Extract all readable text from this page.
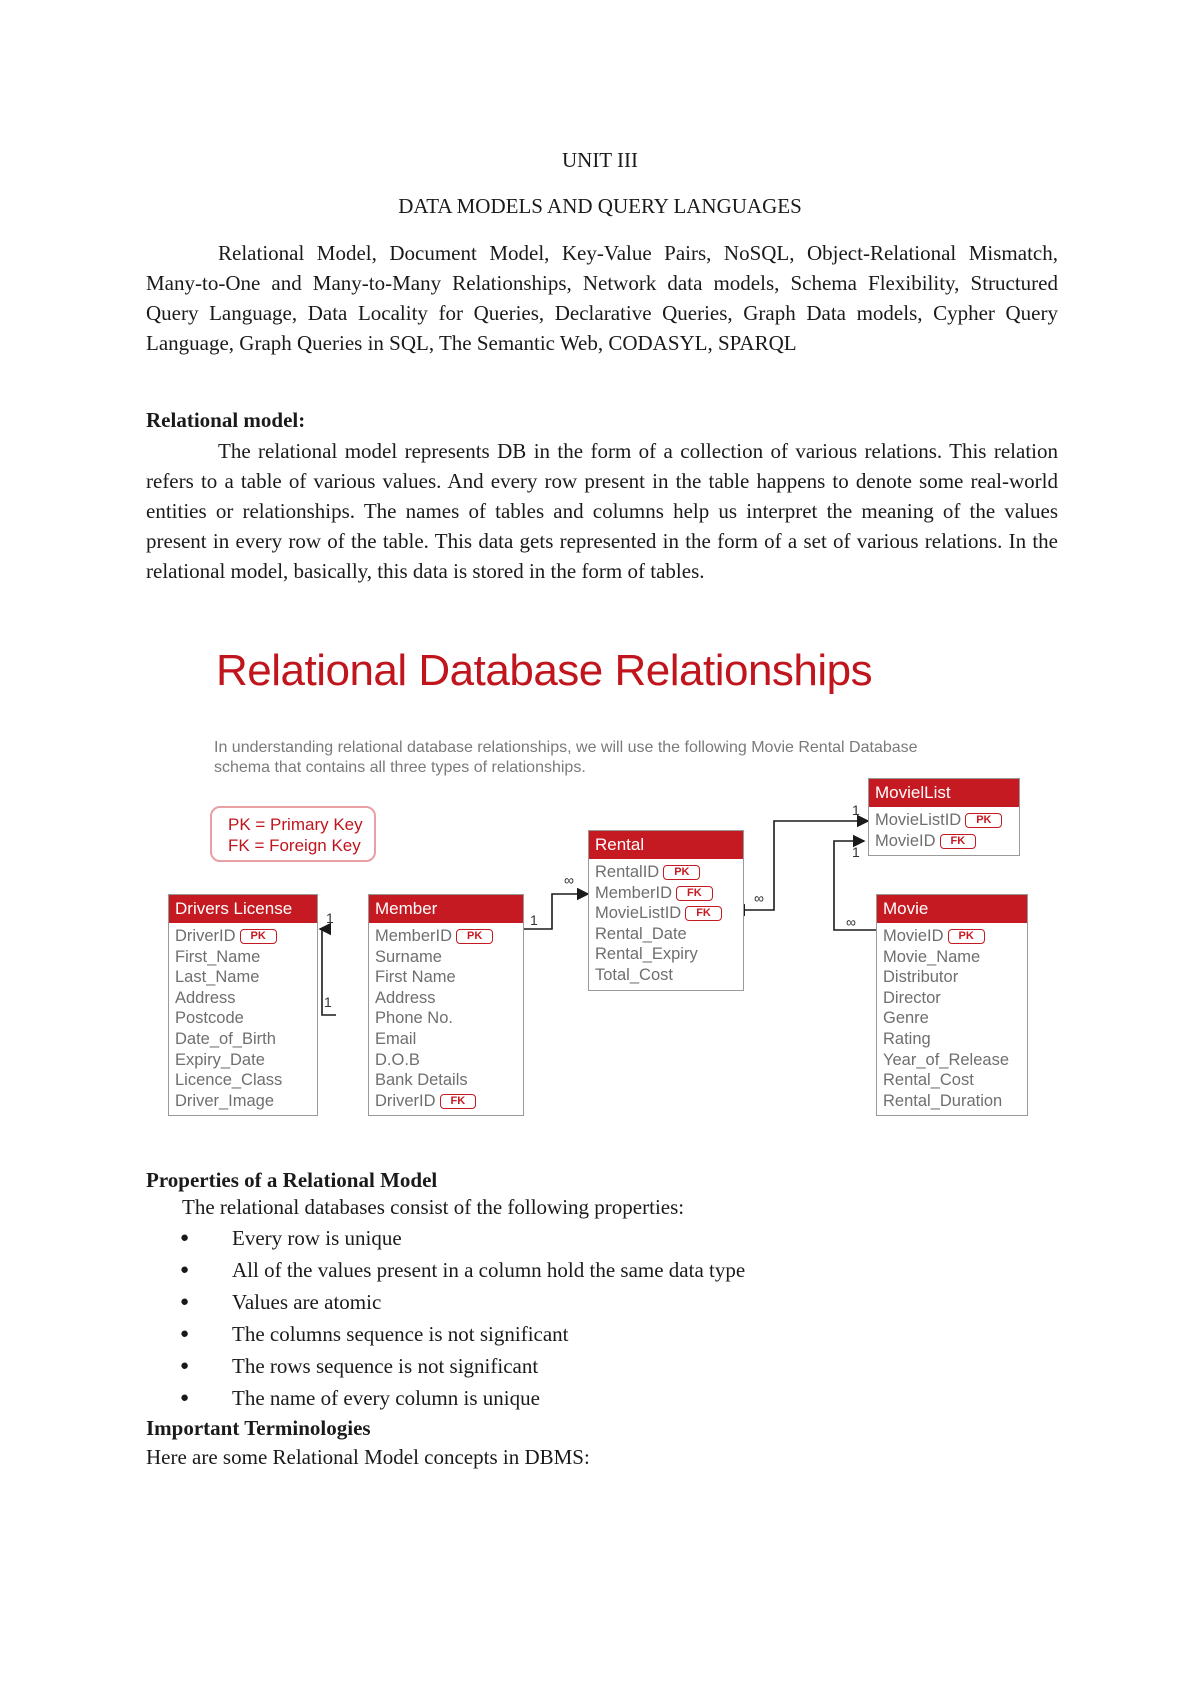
UNIT III
DATA MODELS AND QUERY LANGUAGES

Relational Model, Document Model, Key-Value Pairs, NoSQL, Object-Relational Mismatch, Many-to-One and Many-to-Many Relationships, Network data models, Schema Flexibility, Structured Query Language, Data Locality for Queries, Declarative Queries, Graph Data models, Cypher Query Language, Graph Queries in SQL, The Semantic Web, CODASYL, SPARQL

Relational model:

The relational model represents DB in the form of a collection of various relations. This relation refers to a table of various values. And every row present in the table happens to denote some real-world entities or relationships. The names of tables and columns help us interpret the meaning of the values present in every row of the table. This data gets represented in the form of a set of various relations. In the relational model, basically, this data is stored in the form of tables.

Relational Database Relationships

In understanding relational database relationships, we will use the following Movie Rental Database
schema that contains all three types of relationships.

PK = Primary Key
FK = Foreign Key
1
1
1
∞
∞
1
1
∞
Drivers License
DriverID PK
First_Name
Last_Name
Address
Postcode
Date_of_Birth
Expiry_Date
Licence_Class
Driver_Image
Member
MemberID PK
Surname
First Name
Address
Phone No.
Email
D.O.B
Bank Details
DriverID FK
Rental
RentalID PK
MemberID FK
MovieListID FK
Rental_Date
Rental_Expiry
Total_Cost
MovielList
MovieListID PK
MovieID FK
Movie
MovieID PK
Movie_Name
Distributor
Director
Genre
Rating
Year_of_Release
Rental_Cost
Rental_Duration

Properties of a Relational Model

The relational databases consist of the following properties:

● Every row is unique
● All of the values present in a column hold the same data type
● Values are atomic
● The columns sequence is not significant
● The rows sequence is not significant
● The name of every column is unique

Important Terminologies

Here are some Relational Model concepts in DBMS:
